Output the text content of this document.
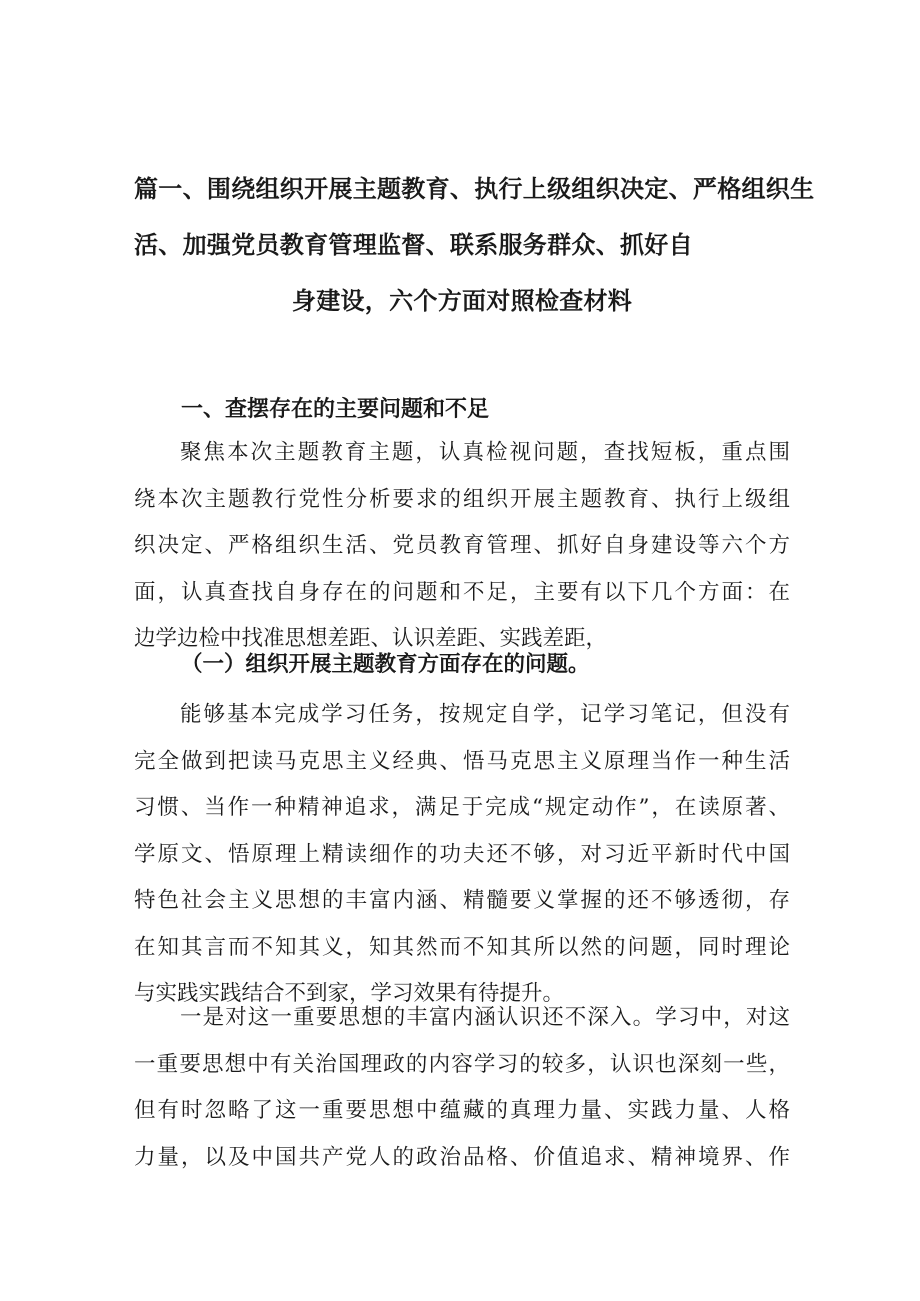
篇一、围绕组织开展主题教育、执行上级组织决定、严格组织生
活、加强党员教育管理监督、联系服务群众、抓好自
身建设，六个方面对照检查材料
一、查摆存在的主要问题和不足
聚焦本次主题教育主题，认真检视问题，查找短板，重点围
绕本次主题教行党性分析要求的组织开展主题教育、执行上级组
织决定、严格组织生活、党员教育管理、抓好自身建设等六个方
面，认真查找自身存在的问题和不足，主要有以下几个方面：在
边学边检中找准思想差距、认识差距、实践差距，
（一）组织开展主题教育方面存在的问题。
能够基本完成学习任务，按规定自学，记学习笔记，但没有
完全做到把读马克思主义经典、悟马克思主义原理当作一种生活
习惯、当作一种精神追求，满足于完成“规定动作”，在读原著、
学原文、悟原理上精读细作的功夫还不够，对习近平新时代中国
特色社会主义思想的丰富内涵、精髓要义掌握的还不够透彻，存
在知其言而不知其义，知其然而不知其所以然的问题，同时理论
与实践实践结合不到家，学习效果有待提升。
一是对这一重要思想的丰富内涵认识还不深入。学习中，对这
一重要思想中有关治国理政的内容学习的较多，认识也深刻一些，
但有时忽略了这一重要思想中蕴藏的真理力量、实践力量、人格
力量，以及中国共产党人的政治品格、价值追求、精神境界、作
